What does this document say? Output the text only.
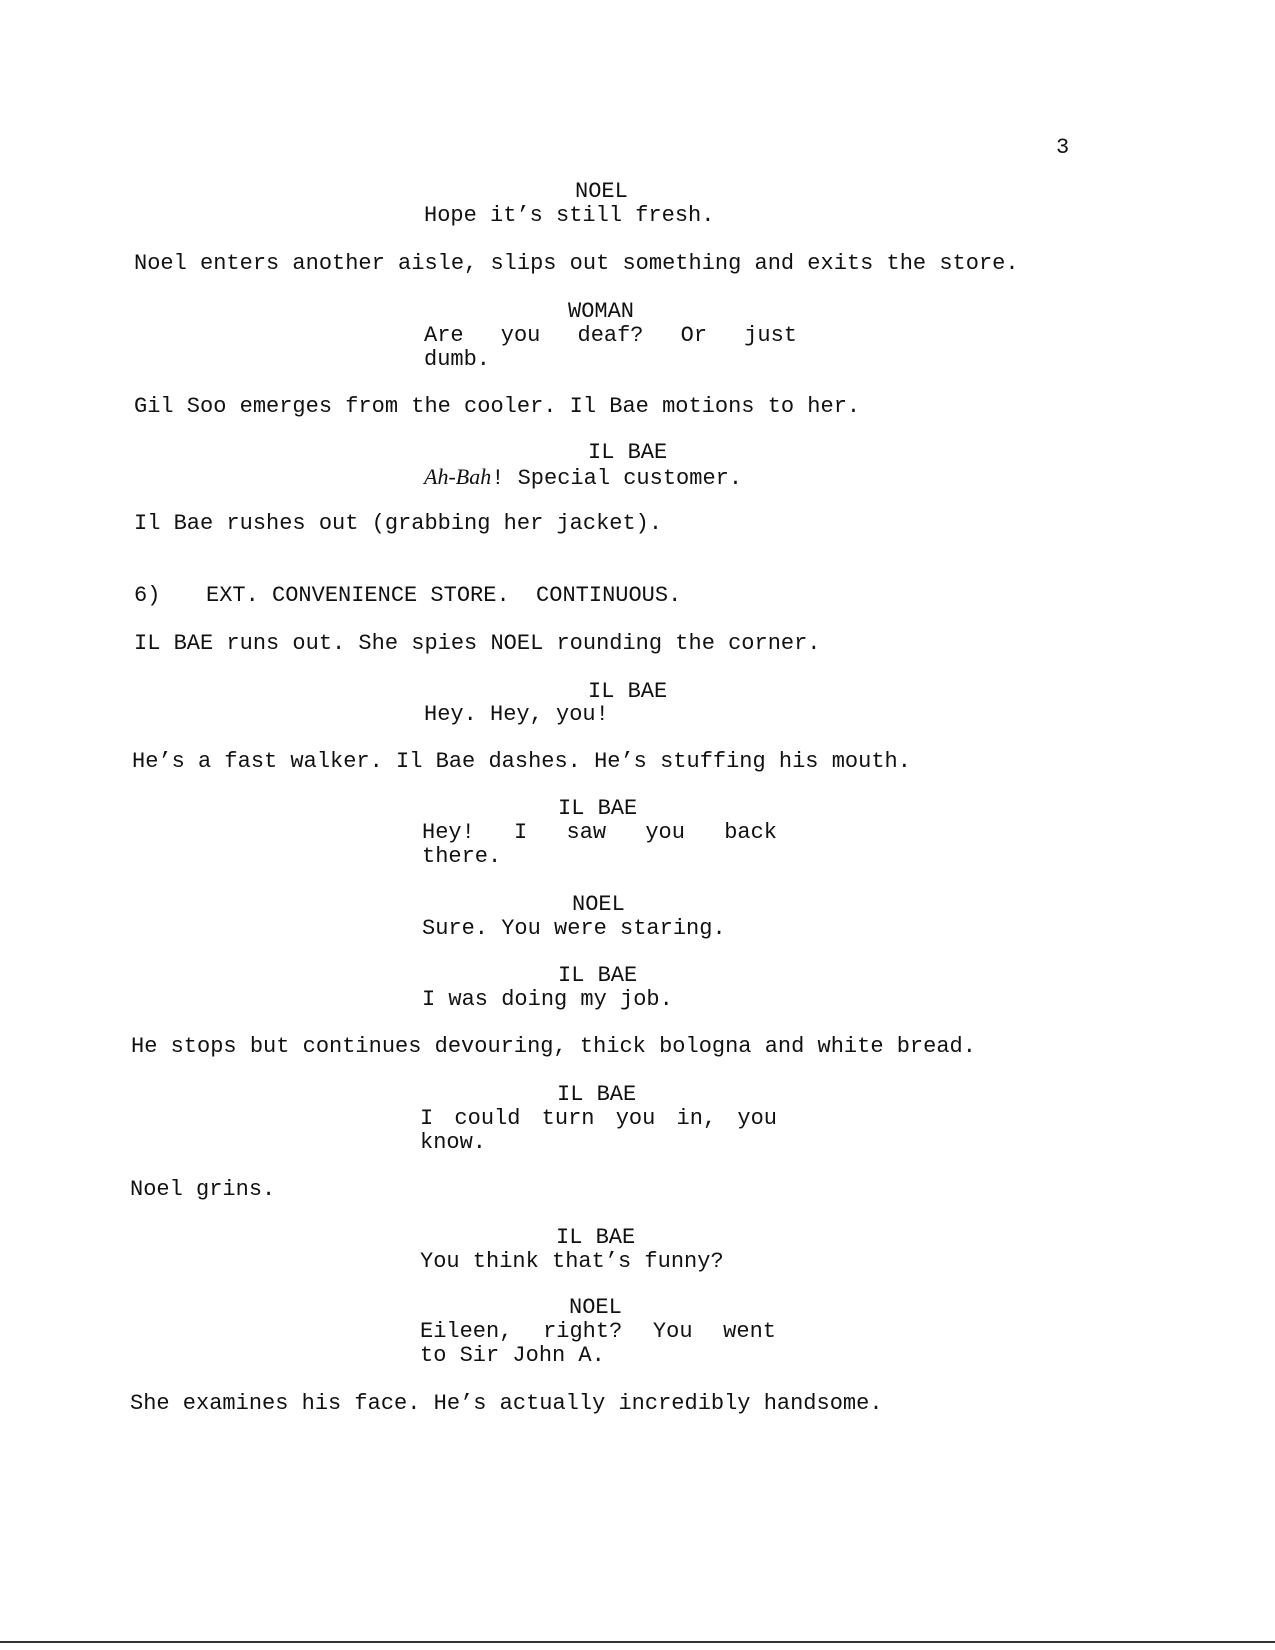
3
NOEL
Hope it’s still fresh.
Noel enters another aisle, slips out something and exits the store.
WOMAN
Are you deaf? Or just
dumb.
Gil Soo emerges from the cooler. Il Bae motions to her.
IL BAE
Ah-Bah! Special customer.
Il Bae rushes out (grabbing her jacket).
6) EXT. CONVENIENCE STORE.  CONTINUOUS.
IL BAE runs out. She spies NOEL rounding the corner.
IL BAE
Hey. Hey, you!
He’s a fast walker. Il Bae dashes. He’s stuffing his mouth.
IL BAE
Hey! I saw you back
there.
NOEL
Sure. You were staring.
IL BAE
I was doing my job.
He stops but continues devouring, thick bologna and white bread.
IL BAE
I could turn you in, you
know.
Noel grins.
IL BAE
You think that’s funny?
NOEL
Eileen, right? You went
to Sir John A.
She examines his face. He’s actually incredibly handsome.
